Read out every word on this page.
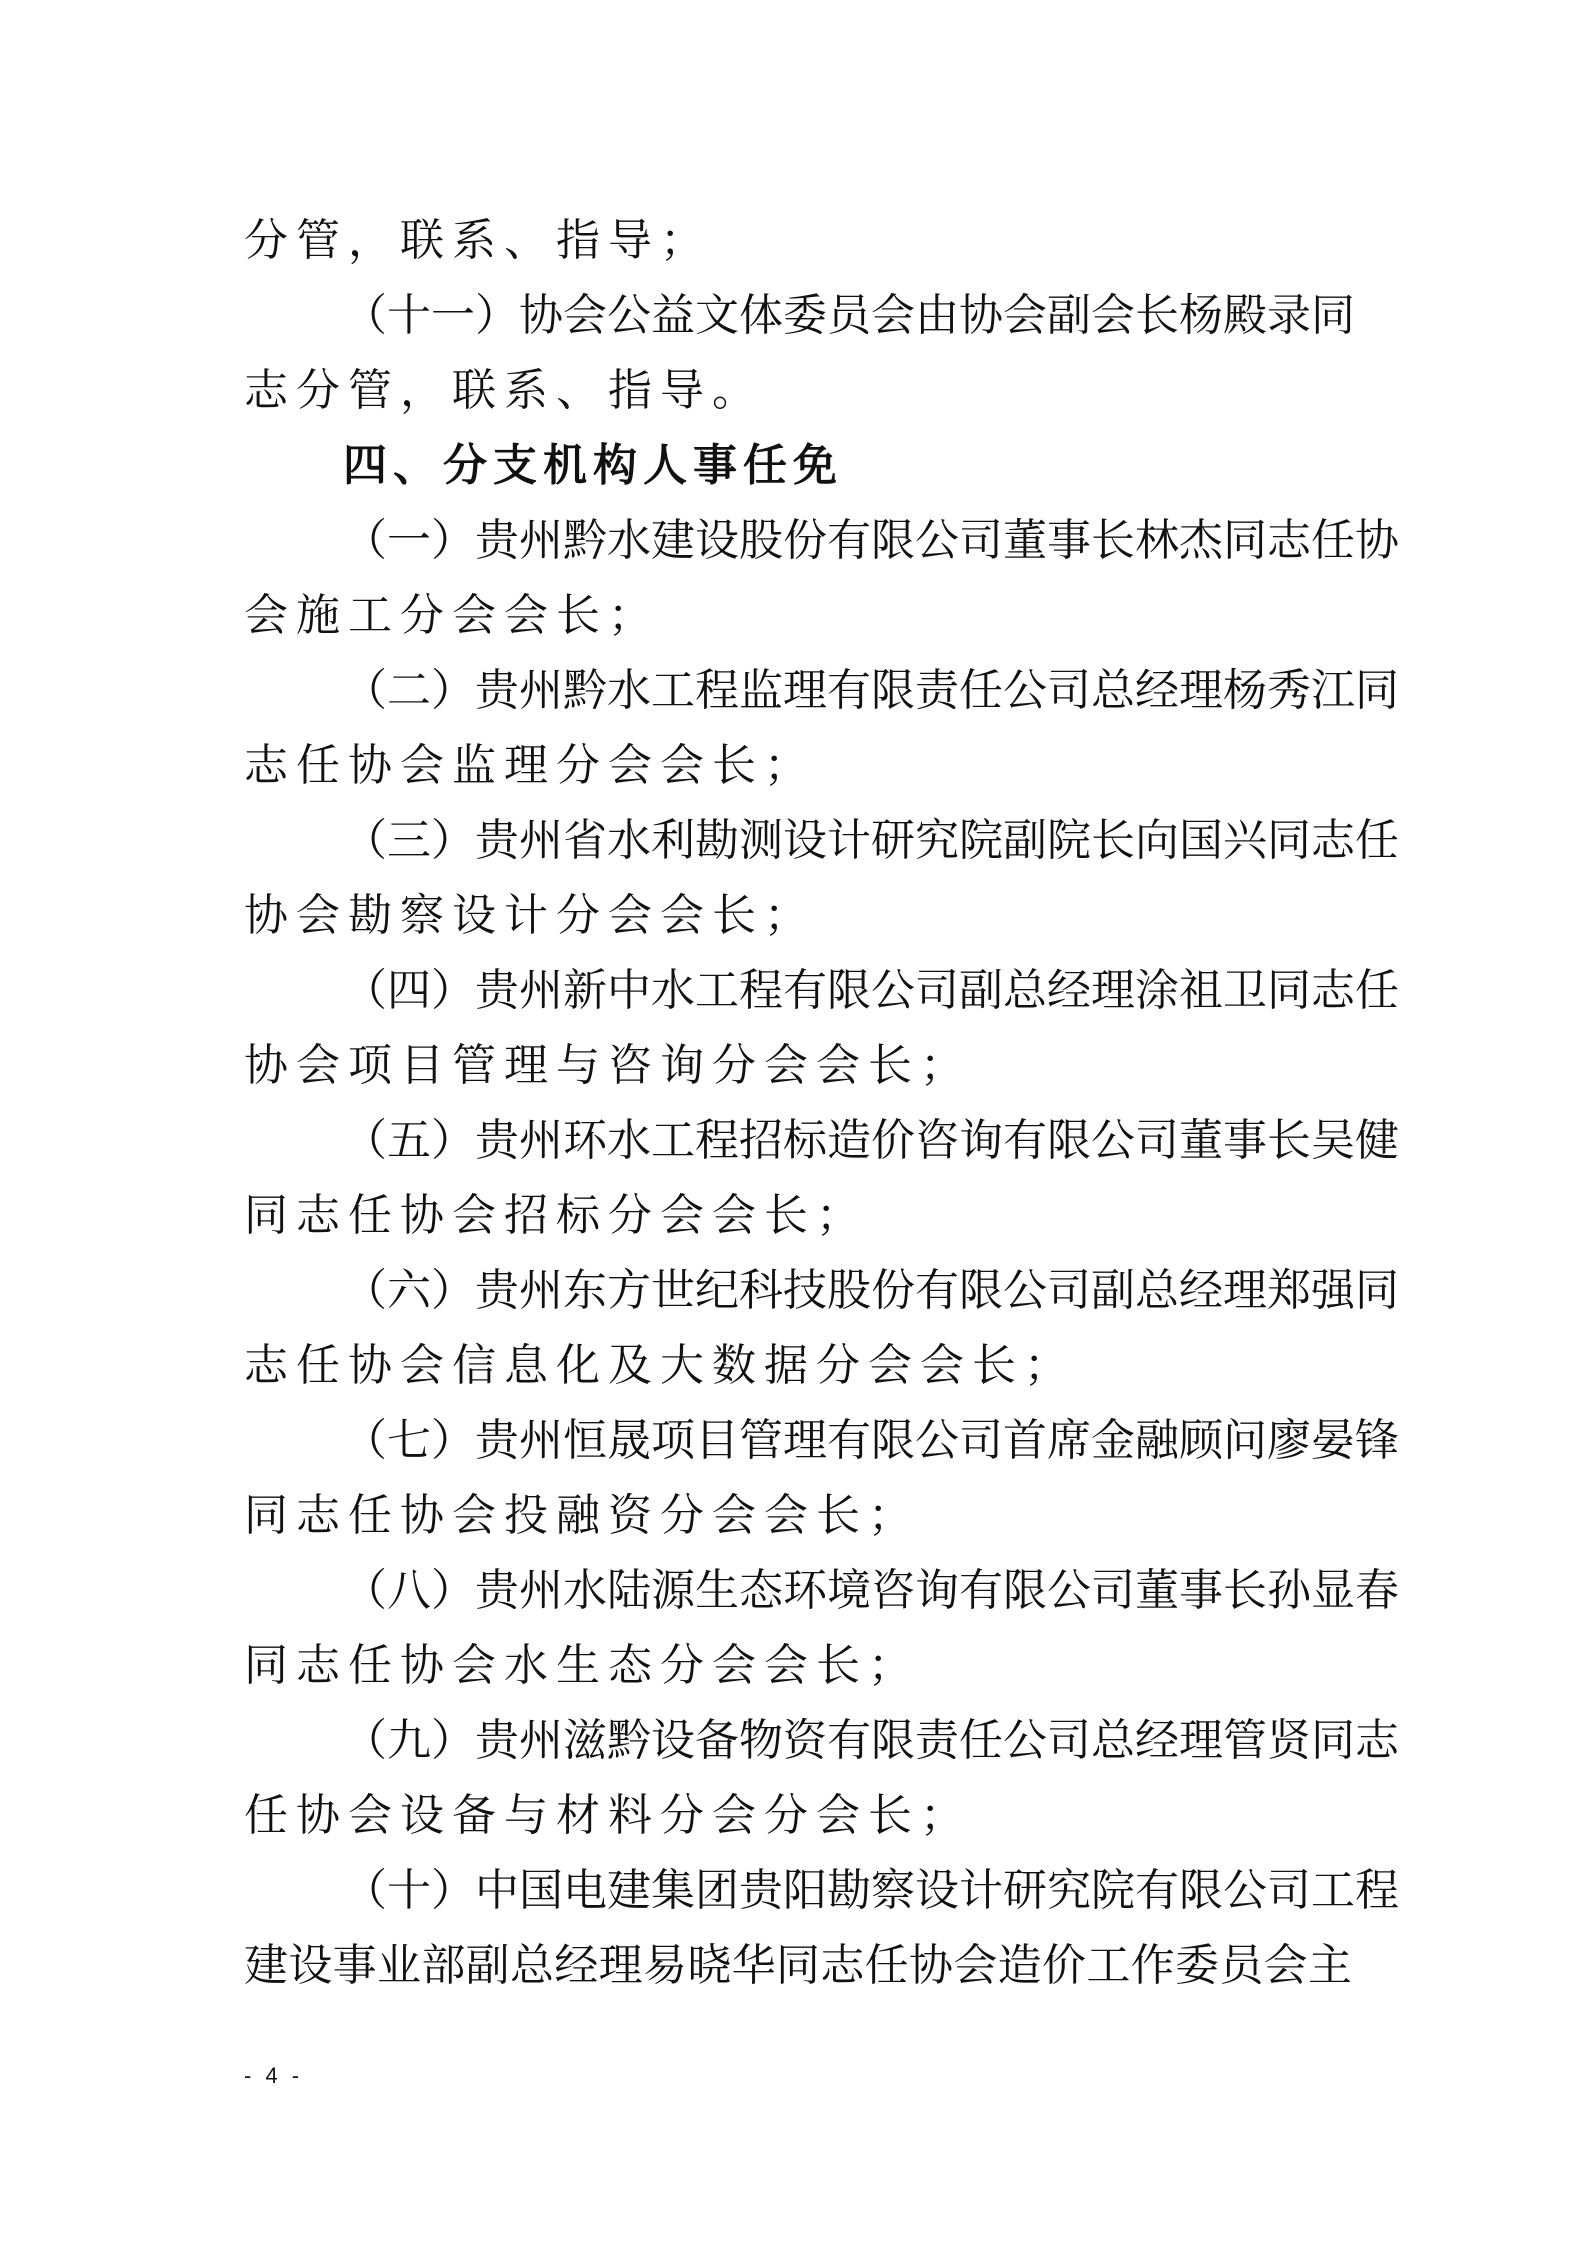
分管，联系、指导；

（十一）协会公益文体委员会由协会副会长杨殿录同

志分管，联系、指导。

四、分支机构人事任免

（一）贵州黔水建设股份有限公司董事长林杰同志任协

会施工分会会长；

（二）贵州黔水工程监理有限责任公司总经理杨秀江同

志任协会监理分会会长；

（三）贵州省水利勘测设计研究院副院长向国兴同志任

协会勘察设计分会会长；

（四）贵州新中水工程有限公司副总经理涂祖卫同志任

协会项目管理与咨询分会会长；

（五）贵州环水工程招标造价咨询有限公司董事长吴健

同志任协会招标分会会长；

（六）贵州东方世纪科技股份有限公司副总经理郑强同

志任协会信息化及大数据分会会长；

（七）贵州恒晟项目管理有限公司首席金融顾问廖晏锋

同志任协会投融资分会会长；

（八）贵州水陆源生态环境咨询有限公司董事长孙显春

同志任协会水生态分会会长；

（九）贵州滋黔设备物资有限责任公司总经理管贤同志

任协会设备与材料分会分会长；

（十）中国电建集团贵阳勘察设计研究院有限公司工程

建设事业部副总经理易晓华同志任协会造价工作委员会主

- 4 -
